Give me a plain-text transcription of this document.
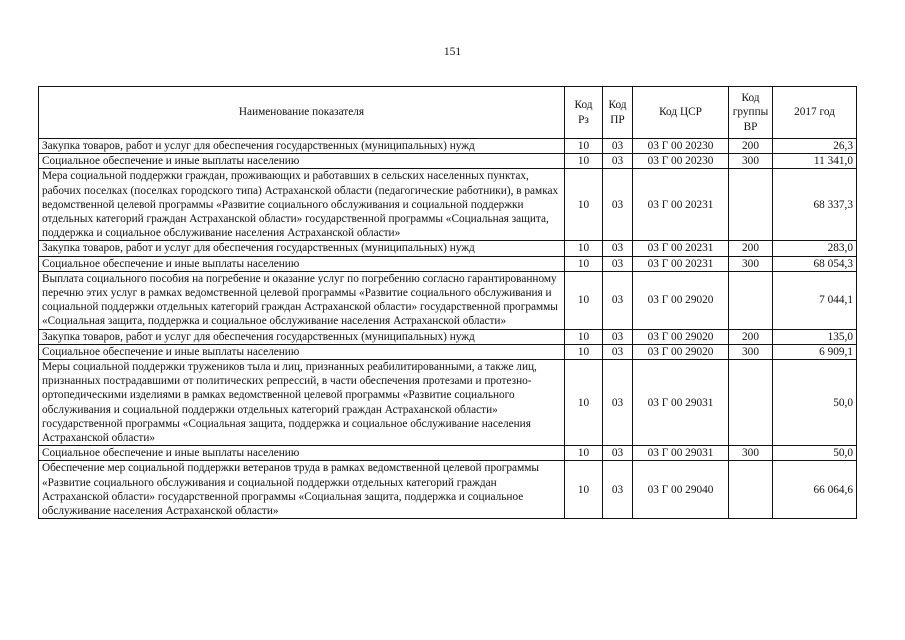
151
Наименование показателя	Код Рз	Код ПР	Код ЦСР	Код группы ВР	2017 год
Закупка товаров, работ и услуг для обеспечения государственных (муниципальных) нужд	10	03	03 Г 00 20230	200	26,3
Социальное обеспечение и иные выплаты населению	10	03	03 Г 00 20230	300	11 341,0
Мера социальной поддержки граждан, проживающих и работавших в сельских населенных пунктах, рабочих поселках (поселках городского типа) Астраханской области (педагогические работники), в рамках ведомственной целевой программы «Развитие социального обслуживания и социальной поддержки отдельных категорий граждан Астраханской области» государственной программы «Социальная защита, поддержка и социальное обслуживание населения Астраханской области»	10	03	03 Г 00 20231		68 337,3
Закупка товаров, работ и услуг для обеспечения государственных (муниципальных) нужд	10	03	03 Г 00 20231	200	283,0
Социальное обеспечение и иные выплаты населению	10	03	03 Г 00 20231	300	68 054,3
Выплата социального пособия на погребение и оказание услуг по погребению согласно гарантированному перечню этих услуг в рамках ведомственной целевой программы «Развитие социального обслуживания и социальной поддержки отдельных категорий граждан Астраханской области» государственной программы «Социальная защита, поддержка и социальное обслуживание населения Астраханской области»	10	03	03 Г 00 29020		7 044,1
Закупка товаров, работ и услуг для обеспечения государственных (муниципальных) нужд	10	03	03 Г 00 29020	200	135,0
Социальное обеспечение и иные выплаты населению	10	03	03 Г 00 29020	300	6 909,1
Меры социальной поддержки тружеников тыла и лиц, признанных реабилитированными, а также лиц, признанных пострадавшими от политических репрессий, в части обеспечения протезами и протезно-ортопедическими изделиями в рамках ведомственной целевой программы «Развитие социального обслуживания и социальной поддержки отдельных категорий граждан Астраханской области» государственной программы «Социальная защита, поддержка и социальное обслуживание населения Астраханской области»	10	03	03 Г 00 29031		50,0
Социальное обеспечение и иные выплаты населению	10	03	03 Г 00 29031	300	50,0
Обеспечение мер социальной поддержки ветеранов труда в рамках ведомственной целевой программы «Развитие социального обслуживания и социальной поддержки отдельных категорий граждан Астраханской области» государственной программы «Социальная защита, поддержка и социальное обслуживание населения Астраханской области»	10	03	03 Г 00 29040		66 064,6
